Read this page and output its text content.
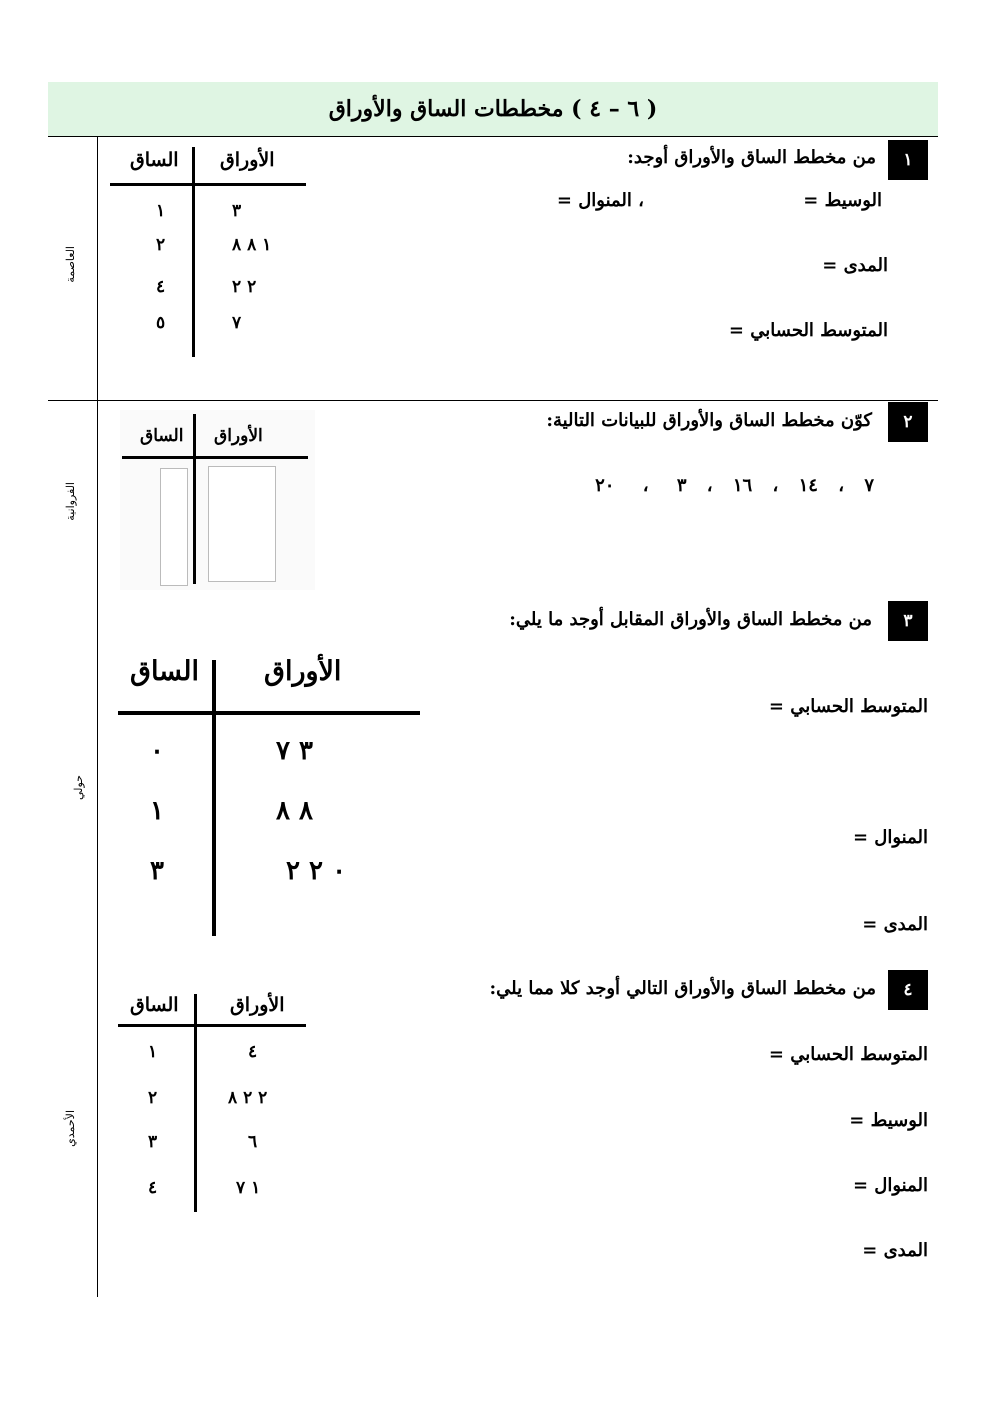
( ٦ – ٤ ) مخططات الساق والأوراق
العاصمة
الفروانية
حولي
الأحمدي
١
من مخطط الساق والأوراق أوجد:
الوسيط =
، المنوال =
المدى =
المتوسط الحسابي =
الأوراق
الساق
١	٣
٢	١ ٨ ٨
٤	٢ ٢
٥	٧
٢
كوّن مخطط الساق والأوراق للبيانات التالية:
٧ ، ١٤ ، ١٦ ، ٣ ، ٢٠
الأوراق
الساق
٣
من مخطط الساق والأوراق المقابل أوجد ما يلي:
المتوسط الحسابي =
المنوال =
المدى =
الأوراق
الساق
٠	٣ ٧
١	٨ ٨
٣	٠ ٢ ٢
٤
من مخطط الساق والأوراق التالي أوجد كلا مما يلي:
المتوسط الحسابي =
الوسيط =
المنوال =
المدى =
الأوراق
الساق
١	٤
٢	٢ ٢ ٨
٣	٦
٤	١ ٧
